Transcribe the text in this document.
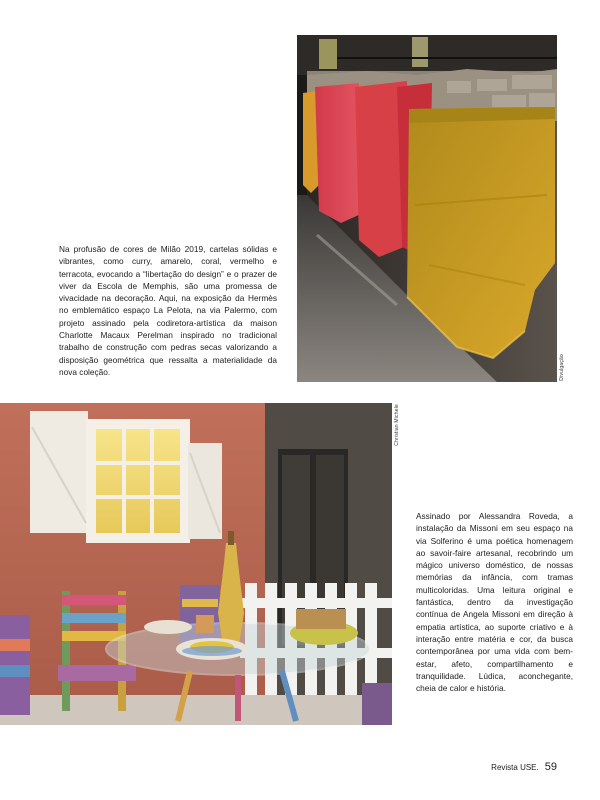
Na profusão de cores de Milão 2019, cartelas sólidas e vibrantes, como curry, amarelo, coral, vermelho e terracota, evocando a “libertação do design” e o prazer de viver da Escola de Memphis, são uma promessa de vivacidade na decoração. Aqui, na exposição da Hermès no emblemático espaço La Pelota, na via Palermo, com projeto assinado pela codiretora-artística da maison Charlotte Macaux Perelman inspirado no tradicional trabalho de construção com pedras secas valorizando a disposição geométrica que ressalta a materialidade da nova coleção.	Divulgação
Christian Michele
Assinado por Alessandra Roveda, a instalação da Missoni em seu espaço na via Solferino é uma poética homenagem ao savoir-faire artesanal, recobrindo um mágico universo doméstico, de nossas memórias da infância, com tramas multicoloridas. Uma leitura original e fantástica, dentro da investigação contínua de Angela Missoni em direção à empatia artística, ao suporte criativo e à interação entre matéria e cor, da busca contemporânea por uma vida com bem-estar, afeto, compartilhamento e tranquilidade. Lúdica, aconchegante, cheia de calor e história.
Revista USE. 59
